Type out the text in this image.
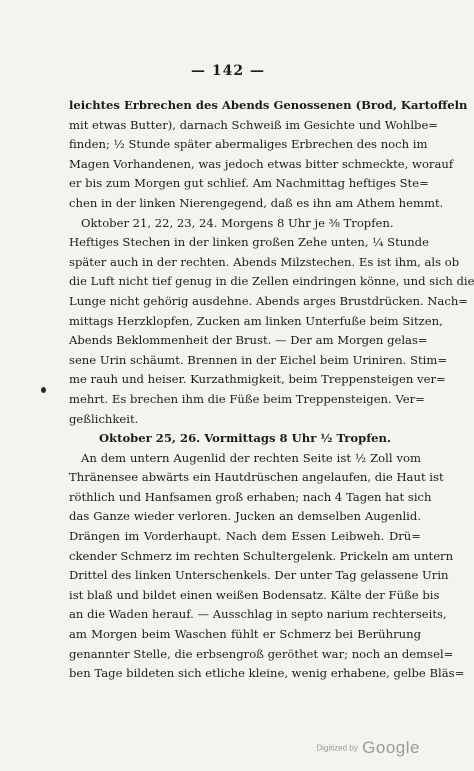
— 142 —
leichtes Erbrechen des Abends Genossenen (Brod, Kartoffeln
mit etwas Butter), darnach Schweiß im Gesichte und Wohlbe=
finden; ½ Stunde später abermaliges Erbrechen des noch im
Magen Vorhandenen, was jedoch etwas bitter schmeckte, worauf
er bis zum Morgen gut schlief. Am Nachmittag heftiges Ste=
chen in der linken Nierengegend, daß es ihn am Athem hemmt.
Oktober 21, 22, 23, 24. Morgens 8 Uhr je ⅜ Tropfen.
Heftiges Stechen in der linken großen Zehe unten, ¼ Stunde
später auch in der rechten. Abends Milzstechen. Es ist ihm, als ob
die Luft nicht tief genug in die Zellen eindringen könne, und sich die
Lunge nicht gehörig ausdehne. Abends arges Brustdrücken. Nach=
mittags Herzklopfen, Zucken am linken Unterfuße beim Sitzen,
Abends Beklommenheit der Brust. — Der am Morgen gelas=
sene Urin schäumt. Brennen in der Eichel beim Uriniren. Stim=
me rauh und heiser. Kurzathmigkeit, beim Treppensteigen ver=
mehrt. Es brechen ihm die Füße beim Treppensteigen. Ver=
geßlichkeit.
Oktober 25, 26. Vormittags 8 Uhr ½ Tropfen.
An dem untern Augenlid der rechten Seite ist ½ Zoll vom
Thränensee abwärts ein Hautdrüschen angelaufen, die Haut ist
röthlich und Hanfsamen groß erhaben; nach 4 Tagen hat sich
das Ganze wieder verloren. Jucken an demselben Augenlid.
Drängen im Vorderhaupt. Nach dem Essen Leibweh. Drü=
ckender Schmerz im rechten Schultergelenk. Prickeln am untern
Drittel des linken Unterschenkels. Der unter Tag gelassene Urin
ist blaß und bildet einen weißen Bodensatz. Kälte der Füße bis
an die Waden herauf. — Ausschlag in septo narium rechterseits,
am Morgen beim Waschen fühlt er Schmerz bei Berührung
genannter Stelle, die erbsengroß geröthet war; noch an demsel=
ben Tage bildeten sich etliche kleine, wenig erhabene, gelbe Bläs=
Digitized by Google
